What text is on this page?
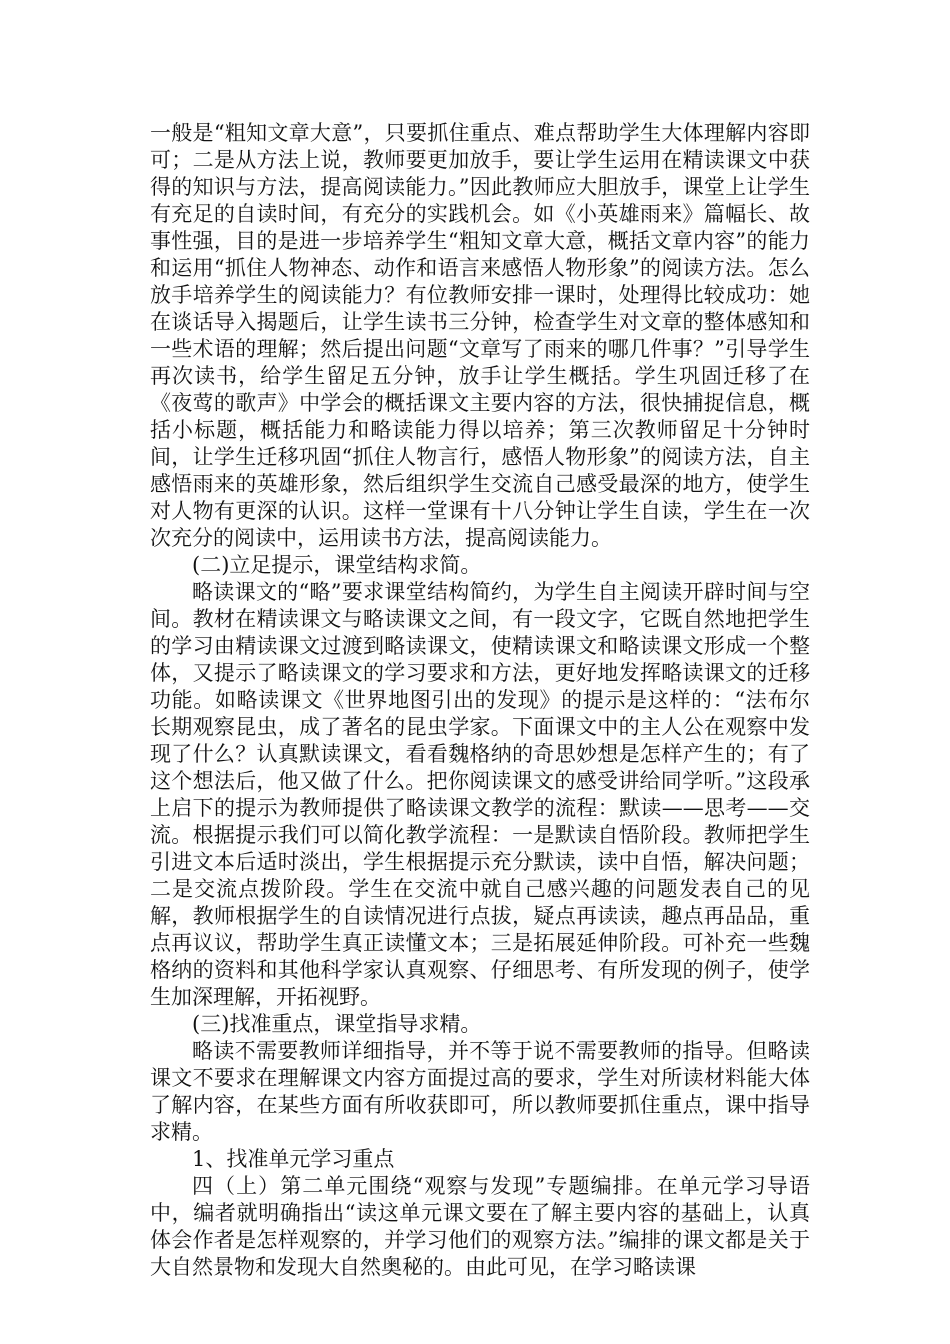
一般是“粗知文章大意”，只要抓住重点、难点帮助学生大体理解内容即可；二是从方法上说，教师要更加放手，要让学生运用在精读课文中获得的知识与方法，提高阅读能力。”因此教师应大胆放手，课堂上让学生有充足的自读时间，有充分的实践机会。如《小英雄雨来》篇幅长、故事性强，目的是进一步培养学生“粗知文章大意，概括文章内容”的能力和运用“抓住人物神态、动作和语言来感悟人物形象”的阅读方法。怎么放手培养学生的阅读能力？有位教师安排一课时，处理得比较成功：她在谈话导入揭题后，让学生读书三分钟，检查学生对文章的整体感知和一些术语的理解；然后提出问题“文章写了雨来的哪几件事？”引导学生再次读书，给学生留足五分钟，放手让学生概括。学生巩固迁移了在《夜莺的歌声》中学会的概括课文主要内容的方法，很快捕捉信息，概括小标题，概括能力和略读能力得以培养；第三次教师留足十分钟时间，让学生迁移巩固“抓住人物言行，感悟人物形象”的阅读方法，自主感悟雨来的英雄形象，然后组织学生交流自己感受最深的地方，使学生对人物有更深的认识。这样一堂课有十八分钟让学生自读，学生在一次次充分的阅读中，运用读书方法，提高阅读能力。

(二)立足提示，课堂结构求简。

略读课文的“略”要求课堂结构简约，为学生自主阅读开辟时间与空间。教材在精读课文与略读课文之间，有一段文字，它既自然地把学生的学习由精读课文过渡到略读课文，使精读课文和略读课文形成一个整体，又提示了略读课文的学习要求和方法，更好地发挥略读课文的迁移功能。如略读课文《世界地图引出的发现》的提示是这样的：“法布尔长期观察昆虫，成了著名的昆虫学家。下面课文中的主人公在观察中发现了什么？认真默读课文，看看魏格纳的奇思妙想是怎样产生的；有了这个想法后，他又做了什么。把你阅读课文的感受讲给同学听。”这段承上启下的提示为教师提供了略读课文教学的流程：默读——思考——交流。根据提示我们可以简化教学流程：一是默读自悟阶段。教师把学生引进文本后适时淡出，学生根据提示充分默读，读中自悟，解决问题；二是交流点拨阶段。学生在交流中就自己感兴趣的问题发表自己的见解，教师根据学生的自读情况进行点拔，疑点再读读，趣点再品品，重点再议议，帮助学生真正读懂文本；三是拓展延伸阶段。可补充一些魏格纳的资料和其他科学家认真观察、仔细思考、有所发现的例子，使学生加深理解，开拓视野。

(三)找准重点，课堂指导求精。

略读不需要教师详细指导，并不等于说不需要教师的指导。但略读课文不要求在理解课文内容方面提过高的要求，学生对所读材料能大体了解内容，在某些方面有所收获即可，所以教师要抓住重点，课中指导求精。

1、找准单元学习重点

四（上）第二单元围绕“观察与发现”专题编排。在单元学习导语中，编者就明确指出“读这单元课文要在了解主要内容的基础上，认真体会作者是怎样观察的，并学习他们的观察方法。”编排的课文都是关于大自然景物和发现大自然奥秘的。由此可见，在学习略读课
